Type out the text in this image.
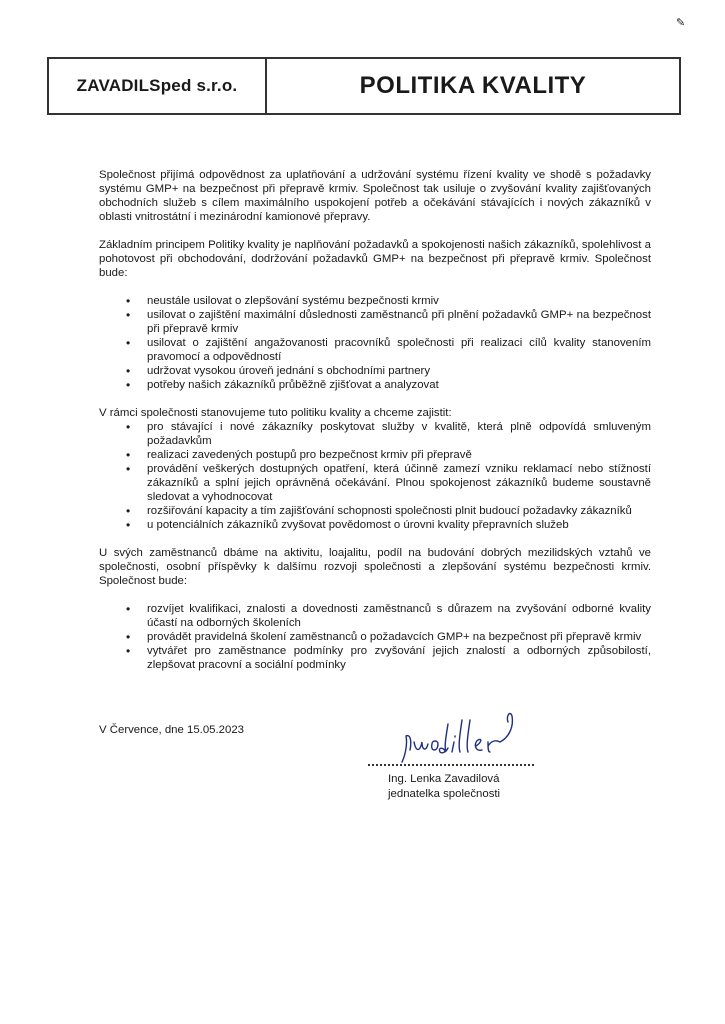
✎
ZAVADILSped s.r.o.	POLITIKA KVALITY

Společnost přijímá odpovědnost za uplatňování a udržování systému řízení kvality ve shodě s požadavky systému GMP+ na bezpečnost při přepravě krmiv. Společnost tak usiluje o zvyšování kvality zajišťovaných obchodních služeb s cílem maximálního uspokojení potřeb a očekávání stávajících i nových zákazníků v oblasti vnitrostátní i mezinárodní kamionové přepravy.

Základním principem Politiky kvality je naplňování požadavků a spokojenosti našich zákazníků, spolehlivost a pohotovost při obchodování, dodržování požadavků GMP+ na bezpečnost při přepravě krmiv. Společnost bude:

• neustále usilovat o zlepšování systému bezpečnosti krmiv
• usilovat o zajištění maximální důslednosti zaměstnanců při plnění požadavků GMP+ na bezpečnost při přepravě krmiv
• usilovat o zajištění angažovanosti pracovníků společnosti při realizaci cílů kvality stanovením pravomocí a odpovědností
• udržovat vysokou úroveň jednání s obchodními partnery
• potřeby našich zákazníků průběžně zjišťovat a analyzovat

V rámci společnosti stanovujeme tuto politiku kvality a chceme zajistit:

• pro stávající i nové zákazníky poskytovat služby v kvalitě, která plně odpovídá smluveným požadavkům
• realizaci zavedených postupů pro bezpečnost krmiv při přepravě
• provádění veškerých dostupných opatření, která účinně zamezí vzniku reklamací nebo stížností zákazníků a splní jejich oprávněná očekávání. Plnou spokojenost zákazníků budeme soustavně sledovat a vyhodnocovat
• rozšiřování kapacity a tím zajišťování schopnosti společnosti plnit budoucí požadavky zákazníků
• u potenciálních zákazníků zvyšovat povědomost o úrovni kvality přepravních služeb

U svých zaměstnanců dbáme na aktivitu, loajalitu, podíl na budování dobrých mezilidských vztahů ve společnosti, osobní příspěvky k dalšímu rozvoji společnosti a zlepšování systému bezpečnosti krmiv. Společnost bude:

• rozvíjet kvalifikaci, znalosti a dovednosti zaměstnanců s důrazem na zvyšování odborné kvality účastí na odborných školeních
• provádět pravidelná školení zaměstnanců o požadavcích GMP+ na bezpečnost při přepravě krmiv
• vytvářet pro zaměstnance podmínky pro zvyšování jejich znalostí a odborných způsobilostí, zlepšovat pracovní a sociální podmínky
V Července, dne 15.05.2023
Ing. Lenka Zavadilová
jednatelka společnosti
